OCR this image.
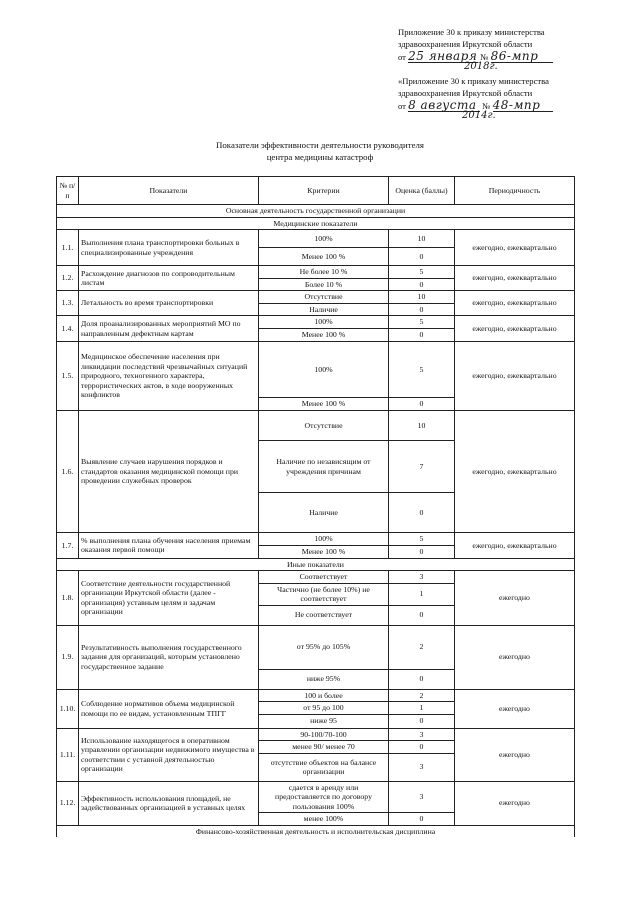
Приложение 30 к приказу министерства
здравоохранения Иркутской области
от 25 января № 86-мпр
2018г.
«Приложение 30 к приказу министерства
здравоохранения Иркутской области
от 8 августа № 48-мпр
2014г.
Показатели эффективности деятельности руководителя
центра медицины катастроф
№ п/п	Показатели	Критерии	Оценка (баллы)	Периодичность
Основная деятельность государственной организации				
Медицинские показатели				
1.1.	Выполнения плана транспортировки больных в специализированные учреждения	100%	10	ежегодно, ежеквартально
		Менее 100 %	0	
1.2.	Расхождение диагнозов по сопроводительным листам	Не более 10 %	5	ежегодно, ежеквартально
		Более 10 %	0	
1.3.	Летальность во время транспортировки	Отсутствие	10	ежегодно, ежеквартально
		Наличие	0	
1.4.	Доля проанализированных мероприятий МО по направленным дефектным картам	100%	5	ежегодно, ежеквартально
		Менее 100 %	0	
1.5.	Медицинское обеспечение населения при ликвидации последствий чрезвычайных ситуаций природного, техногенного характера, террористических актов, в ходе вооруженных конфликтов	100%	5	ежегодно, ежеквартально
		Менее 100 %	0	
1.6.	Выявление случаев нарушения порядков и стандартов оказания медицинской помощи при проведении служебных проверок	Отсутствие	10	ежегодно, ежеквартально
		Наличие по независящим от учреждения причинам	7	
		Наличие	0	
1.7.	% выполнения плана обучения населения приемам оказания первой помощи	100%	5	ежегодно, ежеквартально
		Менее 100 %	0	
Иные показатели				
1.8.	Соответствие деятельности государственной организации Иркутской области (далее - организация) уставным целям и задачам организации	Соответствует	3	ежегодно
		Частично (не более 10%) не соответствует	1	
		Не соответствует	0	
1.9.	Результативность выполнения государственного задания для организаций, которым установлено государственное задание	от 95% до 105%	2	ежегодно
		ниже 95%	0	
1.10.	Соблюдение нормативов объема медицинской помощи по ее видам, установленным ТПГГ	100 и более	2	ежегодно
		от 95 до 100	1	
		ниже 95	0	
1.11.	Использование находящегося в оперативном управлении организации недвижимого имущества в соответствии с уставной деятельностью организации	90-100/70-100	3	ежегодно
		менее 90/ менее 70	0	
		отсутствие объектов на балансе организации	3	
1.12.	Эффективность использования площадей, не задействованных организацией в уставных целях	сдается в аренду или предоставляется по договору пользования 100%	3	ежегодно
		менее 100%	0	
Финансово-хозяйственная деятельность и исполнительская дисциплина				
